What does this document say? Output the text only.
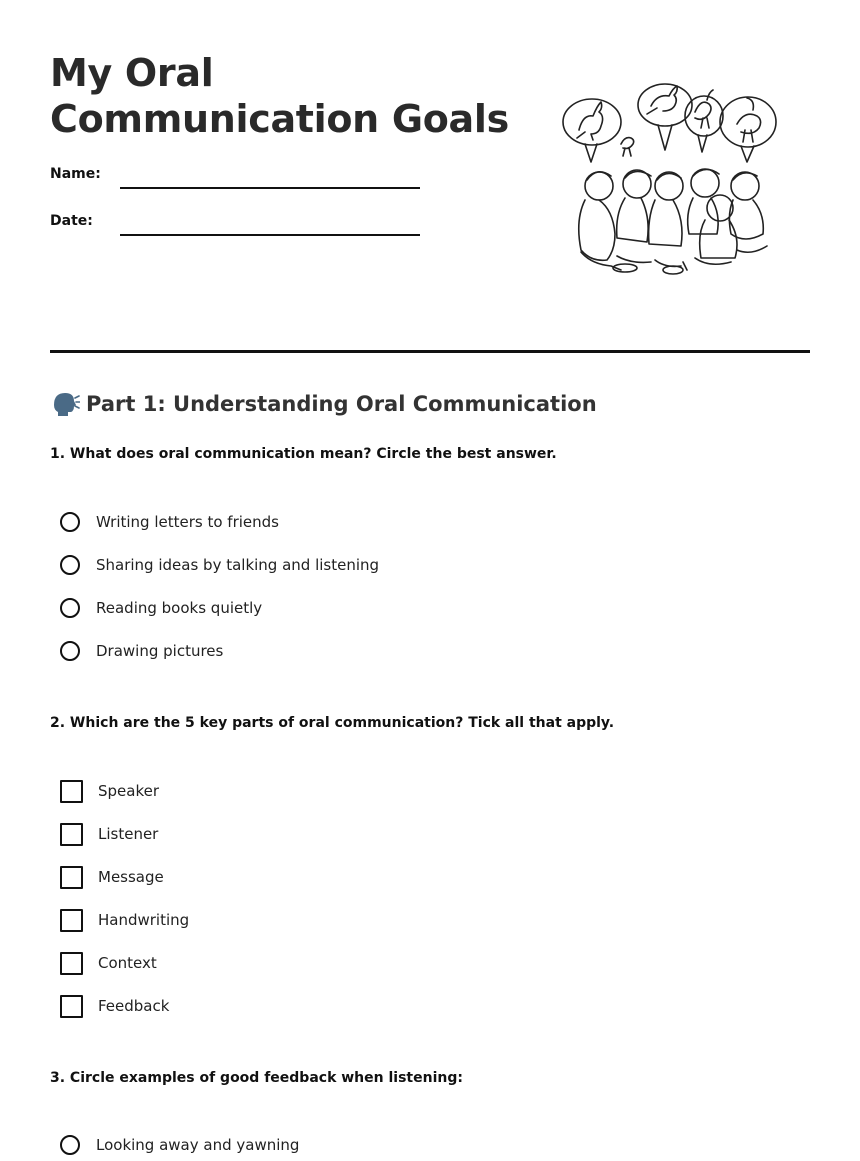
My Oral Communication Goals
Name:
Date:
Part 1: Understanding Oral Communication

1. What does oral communication mean? Circle the best answer.

Writing letters to friends
Sharing ideas by talking and listening
Reading books quietly
Drawing pictures

2. Which are the 5 key parts of oral communication? Tick all that apply.

Speaker
Listener
Message
Handwriting
Context
Feedback

3. Circle examples of good feedback when listening:

Looking away and yawning
